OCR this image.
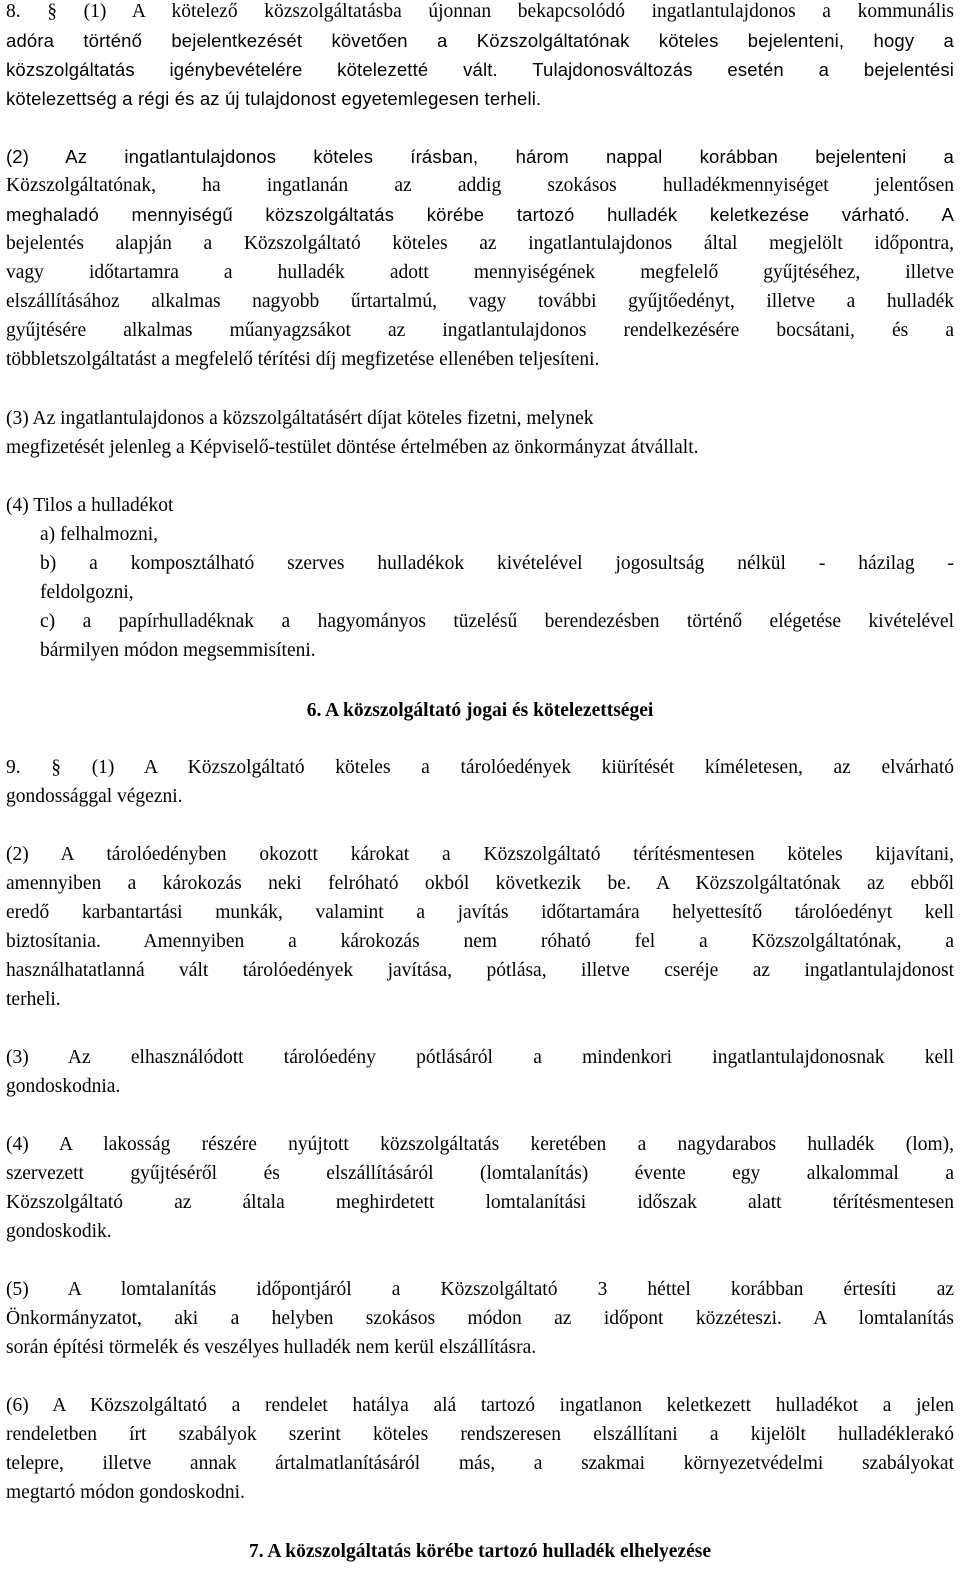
8. § (1) A kötelező közszolgáltatásba újonnan bekapcsolódó ingatlantulajdonos a kommunális
adóra történő bejelentkezését követően a Közszolgáltatónak köteles bejelenteni, hogy a
közszolgáltatás igénybevételére kötelezetté vált. Tulajdonosváltozás esetén a bejelentési
kötelezettség a régi és az új tulajdonost egyetemlegesen terheli.
(2) Az ingatlantulajdonos köteles írásban, három nappal korábban bejelenteni a
Közszolgáltatónak, ha ingatlanán az addig szokásos hulladékmennyiséget jelentősen
meghaladó mennyiségű közszolgáltatás körébe tartozó hulladék keletkezése várható. A
bejelentés alapján a Közszolgáltató köteles az ingatlantulajdonos által megjelölt időpontra,
vagy időtartamra a hulladék adott mennyiségének megfelelő gyűjtéséhez, illetve
elszállításához alkalmas nagyobb űrtartalmú, vagy további gyűjtőedényt, illetve a hulladék
gyűjtésére alkalmas műanyagzsákot az ingatlantulajdonos rendelkezésére bocsátani, és a
többletszolgáltatást a megfelelő térítési díj megfizetése ellenében teljesíteni.
(3) Az ingatlantulajdonos a közszolgáltatásért díjat köteles fizetni, melynek
megfizetését jelenleg a Képviselő-testület döntése értelmében az önkormányzat átvállalt.
(4) Tilos a hulladékot
a) felhalmozni,
b) a komposztálható szerves hulladékok kivételével jogosultság nélkül - házilag -
feldolgozni,
c) a papírhulladéknak a hagyományos tüzelésű berendezésben történő elégetése kivételével
bármilyen módon megsemmisíteni.
6. A közszolgáltató jogai és kötelezettségei
9. § (1) A Közszolgáltató köteles a tárolóedények kiürítését kíméletesen, az elvárható
gondossággal végezni.
(2) A tárolóedényben okozott károkat a Közszolgáltató térítésmentesen köteles kijavítani,
amennyiben a károkozás neki felróható okból következik be. A Közszolgáltatónak az ebből
eredő karbantartási munkák, valamint a javítás időtartamára helyettesítő tárolóedényt kell
biztosítania. Amennyiben a károkozás nem róható fel a Közszolgáltatónak, a
használhatatlanná vált tárolóedények javítása, pótlása, illetve cseréje az ingatlantulajdonost
terheli.
(3) Az elhasználódott tárolóedény pótlásáról a mindenkori ingatlantulajdonosnak kell
gondoskodnia.
(4) A lakosság részére nyújtott közszolgáltatás keretében a nagydarabos hulladék (lom),
szervezett gyűjtéséről és elszállításáról (lomtalanítás) évente egy alkalommal a
Közszolgáltató az általa meghirdetett lomtalanítási időszak alatt térítésmentesen
gondoskodik.
(5) A lomtalanítás időpontjáról a Közszolgáltató 3 héttel korábban értesíti az
Önkormányzatot, aki a helyben szokásos módon az időpont közzéteszi. A lomtalanítás
során építési törmelék és veszélyes hulladék nem kerül elszállításra.
(6) A Közszolgáltató a rendelet hatálya alá tartozó ingatlanon keletkezett hulladékot a jelen
rendeletben írt szabályok szerint köteles rendszeresen elszállítani a kijelölt hulladéklerakó
telepre, illetve annak ártalmatlanításáról más, a szakmai környezetvédelmi szabályokat
megtartó módon gondoskodni.
7. A közszolgáltatás körébe tartozó hulladék elhelyezése
